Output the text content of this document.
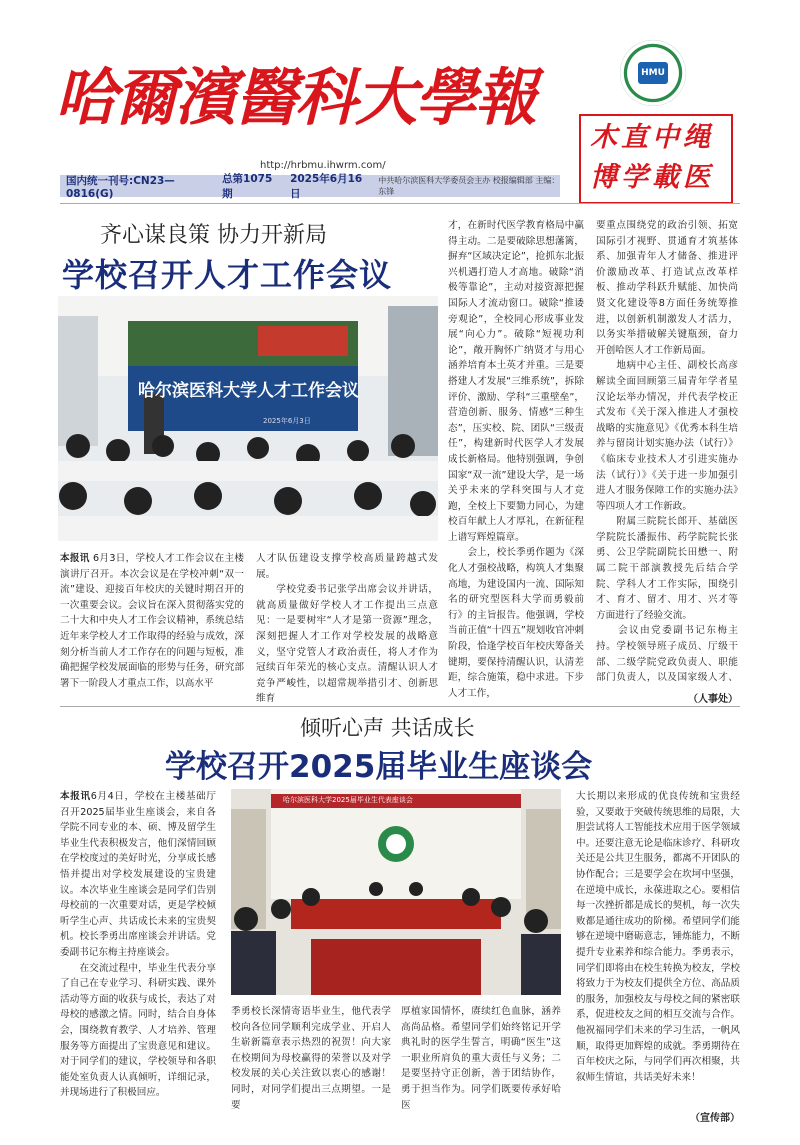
哈爾濱醫科大學報	HMU
木直中绳
博学載医
http://hrbmu.ihwrm.com/
国内统一刊号:CN23—0816(G)
总第1075期
2025年6月16日
中共哈尔滨医科大学委员会主办 校报编辑部 主编：东锋
齐心谋良策 协力开新局
学校召开人才工作会议
哈尔滨医科大学人才工作会议
2025年6月3日
本报讯 6月3日，学校人才工作会议在主楼演讲厅召开。本次会议是在学校冲刺“双一流”建设、迎接百年校庆的关键时期召开的一次重要会议。会议旨在深入贯彻落实党的二十大和中央人才工作会议精神，系统总结近年来学校人才工作取得的经验与成效，深刻分析当前人才工作存在的问题与短板，准确把握学校发展面临的形势与任务，研究部署下一阶段人才重点工作，以高水平
人才队伍建设支撑学校高质量跨越式发展。
　　学校党委书记张学出席会议并讲话，就高质量做好学校人才工作提出三点意见：一是要树牢“人才是第一资源”理念，深刻把握人才工作对学校发展的战略意义，坚守党管人才政治责任，将人才作为冠续百年荣光的核心支点。清醒认识人才竞争严峻性，以超常规举措引才、创新思维育
才，在新时代医学教育格局中赢得主动。二是要破除思想藩篱，摒弃“区域决定论”，抢抓东北振兴机遇打造人才高地。破除“消极等靠论”，主动对接资源把握国际人才流动窗口。破除“推诿旁观论”，全校同心形成事业发展“向心力”。破除“短视功利论”，敞开胸怀广纳贤才与用心涵养培育本土英才并重。三是要搭建人才发展“三维系统”，拆除评价、激励、学科“三重壁垒”，营造创新、服务、情感“三种生态”，压实校、院、团队“三级责任”，构建新时代医学人才发展成长新格局。他特别强调，争创国家“双一流”建设大学，是一场关乎未来的学科突围与人才竞跑，全校上下要勠力同心，为建校百年献上人才厚礼，在新征程上谱写辉煌篇章。
　　会上，校长季勇作题为《深化人才强校战略，构筑人才集聚高地，为建设国内一流、国际知名的研究型医科大学而勇毅前行》的主旨报告。他强调，学校当前正值“十四五”规划收官冲刺阶段，恰逢学校百年校庆筹备关键期，要保持清醒认识，认清差距，综合施策，稳中求进。下步人才工作，
要重点围绕党的政治引领、拓宽国际引才视野、贯通育才筑基体系、加强青年人才储备、推进评价激励改革、打造试点改革样板、推动学科跃升赋能、加快尚贤文化建设等8方面任务统筹推进，以创新机制激发人才活力，以务实举措破解关键瓶颈，奋力开创哈医人才工作新局面。
　　地病中心主任、副校长高彦解读全面回顾第三届青年学者星汉论坛举办情况，并代表学校正式发布《关于深入推进人才强校战略的实施意见》《优秀本科生培养与留岗计划实施办法（试行）》《临床专业技术人才引进实施办法（试行）》《关于进一步加强引进人才服务保障工作的实施办法》等四项人才工作新政。
　　附属三院院长郎开、基础医学院院长潘振伟、药学院院长张勇、公卫学院副院长田懋一、附属二院干部演教授先后结合学院、学科人才工作实际，围绕引才、育才、留才、用才、兴才等方面进行了经验交流。
　　会议由党委副书记东梅主持。学校领导班子成员、厅级干部、二级学院党政负责人、职能部门负责人，以及国家级人才、
（人事处）
倾听心声 共话成长
学校召开2025届毕业生座谈会
哈尔滨医科大学2025届毕业生代表座谈会
本报讯6月4日，学校在主楼基础厅召开2025届毕业生座谈会，来自各学院不同专业的本、硕、博及留学生毕业生代表积极发言，他们深情回顾在学校度过的美好时光，分享成长感悟并提出对学校发展建设的宝贵建议。本次毕业生座谈会是同学们告别母校前的一次重要对话，更是学校倾听学生心声、共话成长未来的宝贵契机。校长季勇出席座谈会并讲话。党委副书记东梅主持座谈会。
　　在交流过程中，毕业生代表分享了自己在专业学习、科研实践、课外活动等方面的收获与成长，表达了对母校的感激之情。同时，结合自身体会，围绕教育教学、人才培养、管理服务等方面提出了宝贵意见和建议。对于同学们的建议，学校领导和各职能处室负责人认真倾听，详细记录，并现场进行了积极回应。
季勇校长深情寄语毕业生，他代表学校向各位同学顺利完成学业、开启人生崭新篇章表示热烈的祝贺！向大家在校期间为母校赢得的荣誉以及对学校发展的关心关注致以衷心的感谢！同时，对同学们提出三点期望。一是要
厚植家国情怀，赓续红色血脉，涵养高尚品格。希望同学们始终铭记开学典礼时的医学生誓言，明确“医生”这一职业所肩负的重大责任与义务；二是要坚持守正创新，善于团结协作，勇于担当作为。同学们既要传承好哈医
大长期以来形成的优良传统和宝贵经验，又要敢于突破传统思维的局限，大胆尝试将人工智能技术应用于医学领域中。还要注意无论是临床诊疗、科研攻关还是公共卫生服务，都离不开团队的协作配合；三是要学会在坎坷中坚强，在逆境中成长，永葆进取之心。要相信每一次挫折都是成长的契机，每一次失败都是通往成功的阶梯。希望同学们能够在逆境中磨砺意志，锤炼能力，不断提升专业素养和综合能力。季勇表示，同学们即将由在校生转换为校友，学校将致力于为校友们提供全方位、高品质的服务，加强校友与母校之间的紧密联系，促进校友之间的相互交流与合作。他祝福同学们未来的学习生活，一帆风顺，取得更加辉煌的成就。季勇期待在百年校庆之际，与同学们再次相聚，共叙师生情谊，共话美好未来！
（宣传部）
